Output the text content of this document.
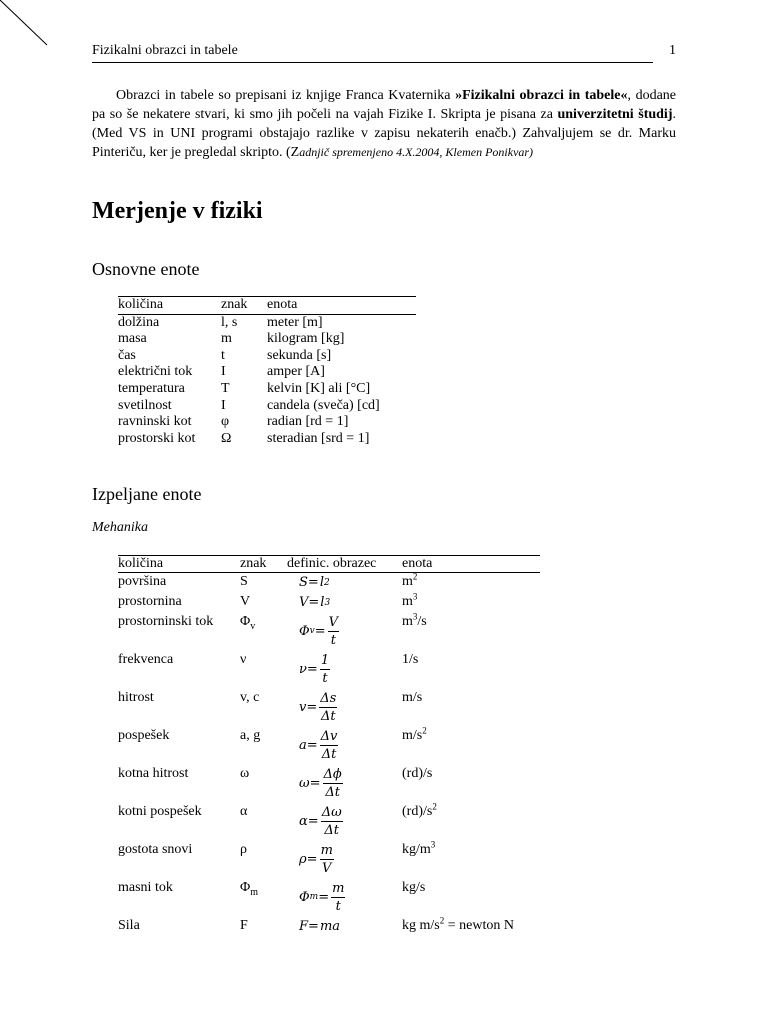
Fizikalni obrazci in tabele	1

Obrazci in tabele so prepisani iz knjige Franca Kvaternika »Fizikalni obrazci in tabele«, dodane pa so še nekatere stvari, ki smo jih počeli na vajah Fizike I. Skripta je pisana za univerzitetni študij. (Med VS in UNI programi obstajajo razlike v zapisu nekaterih enačb.) Zahvaljujem se dr. Marku Pinteriču, ker je pregledal skripto. (Zadnjič spremenjeno 4.X.2004, Klemen Ponikvar)

Merjenje v fiziki
Osnovne enote
količina	znak	enota
dolžina	l, s	meter [m]
masa	m	kilogram [kg]
čas	t	sekunda [s]
električni tok	I	amper [A]
temperatura	T	kelvin [K] ali [°C]
svetilnost	I	candela (sveča) [cd]
ravninski kot	φ	radian [rd = 1]
prostorski kot	Ω	steradian [srd = 1]
Izpeljane enote
Mehanika
količina	znak	definic. obrazec	enota
površina	S	S = l 2	$m^2$
prostornina	V	V = l 3	$m^3$
prostorninski tok	$\Phi_v$	Φ $v = \frac{V}{t}$	$m^3/s$
frekvenca	ν	$\nu = \frac{1}{t}$	1/s
hitrost	v, c	$v = \frac{\Delta s}{\Delta t}$	m/s
pospešek	a, g	$a = \frac{\Delta v}{\Delta t}$	$m/s^2$
kotna hitrost	ω	$\omega = \frac{\Delta\phi}{\Delta t}$	(rd)/s
kotni pospešek	α	$\alpha = \frac{\Delta\omega}{\Delta t}$	$(rd)/s^2$
gostota snovi	ρ	$\rho = \frac{m}{V}$	$kg/m^3$
masni tok	$\Phi_m$	Φ $m = \frac{m}{t}$	kg/s
Sila	F	F = ma	kg $m/s^2$ = newton N
